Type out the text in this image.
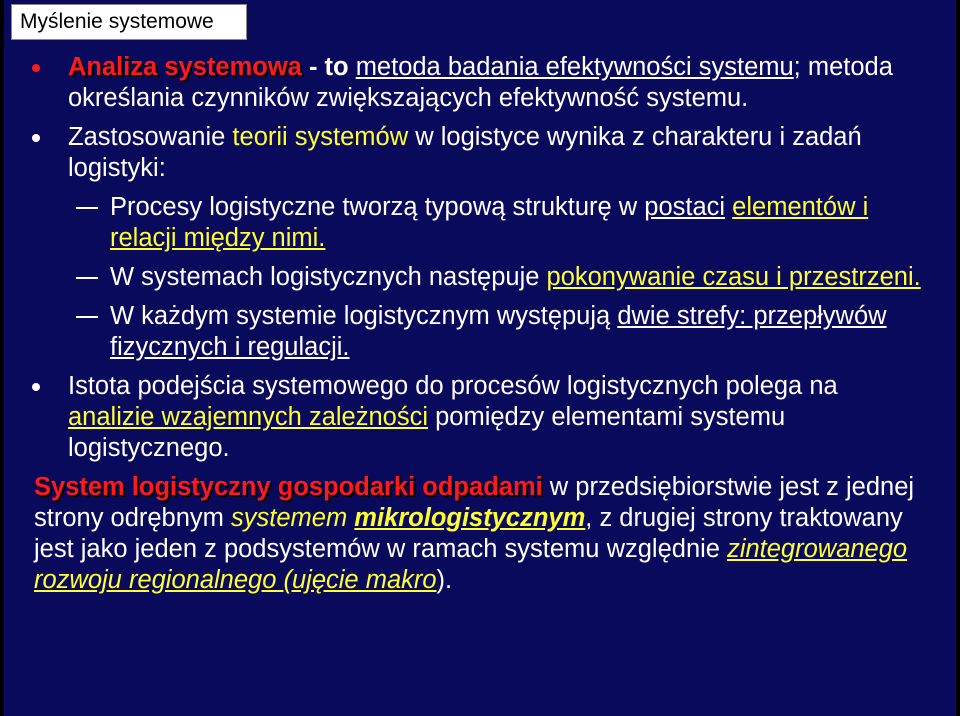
Myślenie systemowe
Analiza systemowa - to metoda badania efektywności systemu; metoda określania czynników zwiększających efektywność systemu.
Zastosowanie teorii systemów w logistyce wynika z charakteru i zadań logistyki:
Procesy logistyczne tworzą typową strukturę w postaci elementów i relacji między nimi.
W systemach logistycznych następuje pokonywanie czasu i przestrzeni.
W każdym systemie logistycznym występują dwie strefy: przepływów fizycznych i regulacji.
Istota podejścia systemowego do procesów logistycznych polega na analizie wzajemnych zależności pomiędzy elementami systemu logistycznego.
System logistyczny gospodarki odpadami w przedsiębiorstwie jest z jednej strony odrębnym systemem mikrologistycznym, z drugiej strony traktowany jest jako jeden z podsystemów w ramach systemu względnie zintegrowanego rozwoju regionalnego (ujęcie makro).
